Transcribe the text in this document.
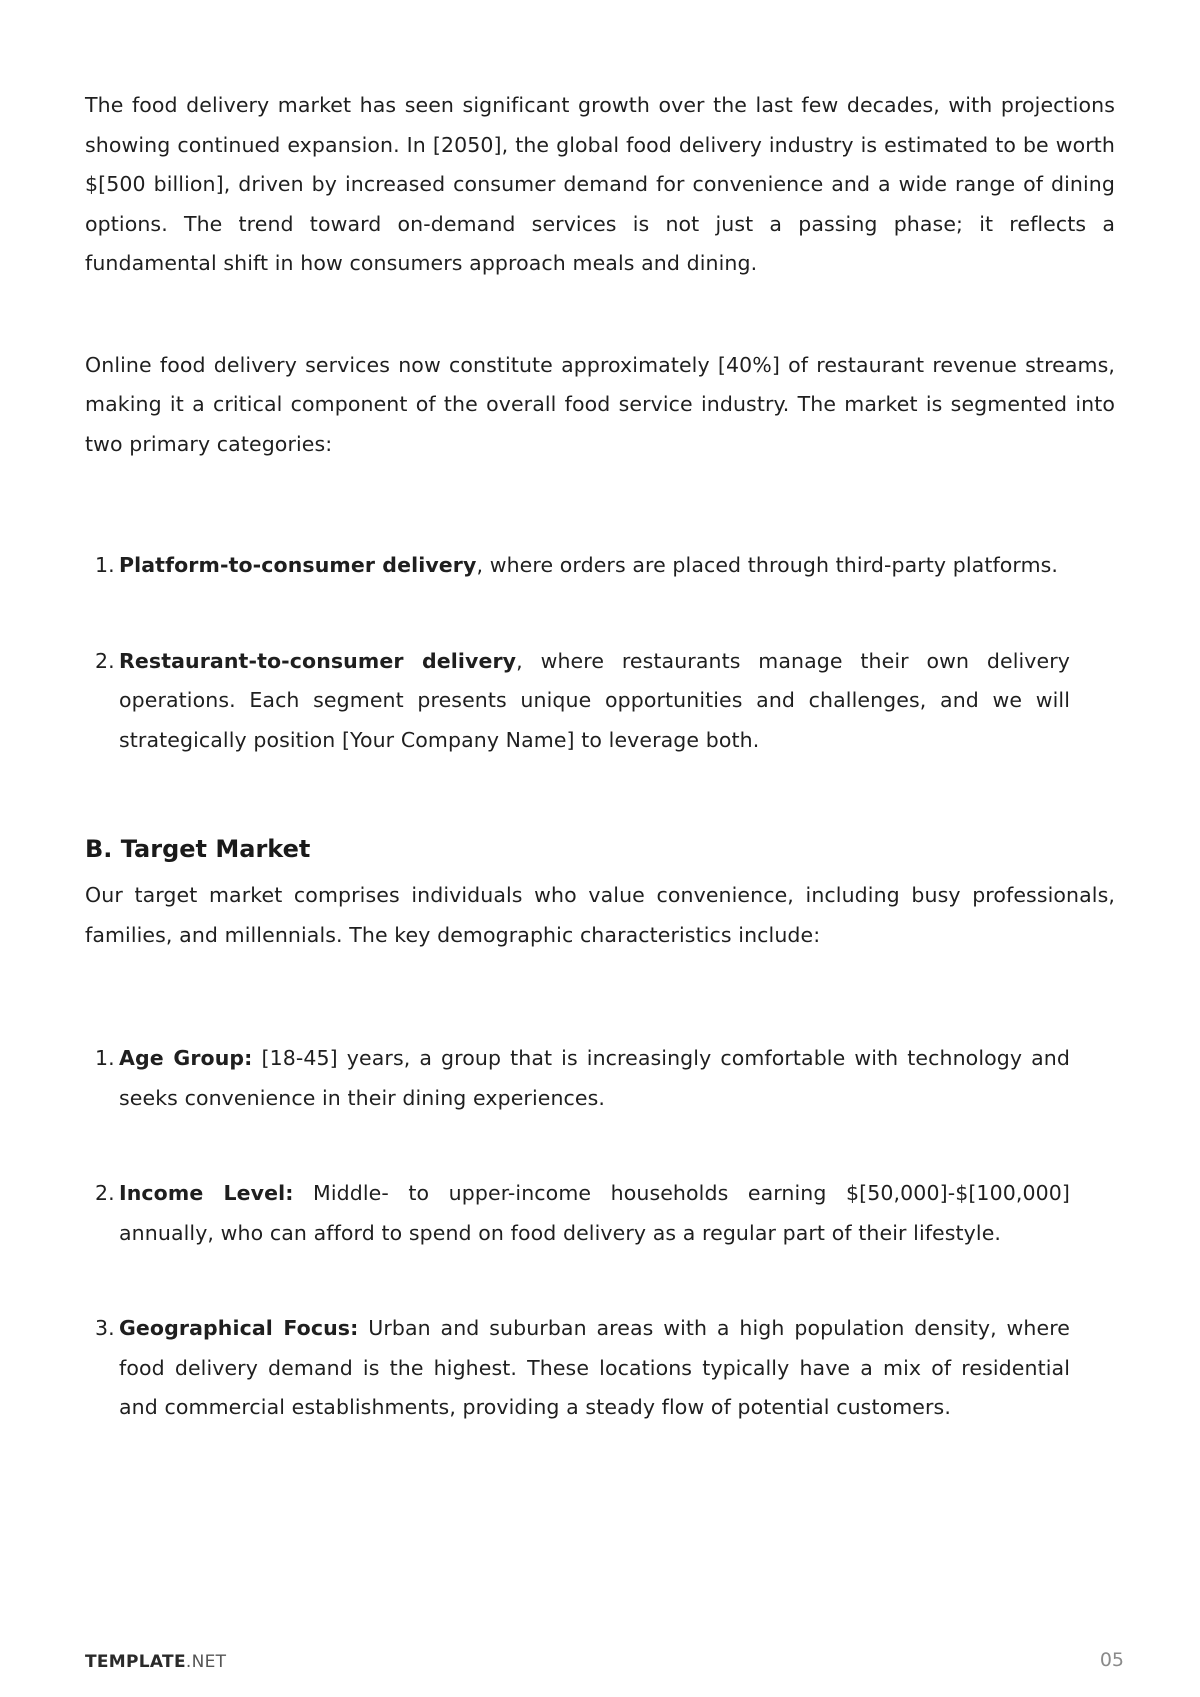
The food delivery market has seen significant growth over the last few decades, with projections showing continued expansion. In [2050], the global food delivery industry is estimated to be worth $[500 billion], driven by increased consumer demand for convenience and a wide range of dining options. The trend toward on-demand services is not just a passing phase; it reflects a fundamental shift in how consumers approach meals and dining.

Online food delivery services now constitute approximately [40%] of restaurant revenue streams, making it a critical component of the overall food service industry. The market is segmented into two primary categories:

1. Platform-to-consumer delivery, where orders are placed through third-party platforms.
2. Restaurant-to-consumer delivery, where restaurants manage their own delivery operations. Each segment presents unique opportunities and challenges, and we will strategically position [Your Company Name] to leverage both.
B. Target Market

Our target market comprises individuals who value convenience, including busy professionals, families, and millennials. The key demographic characteristics include:

1. Age Group: [18-45] years, a group that is increasingly comfortable with technology and seeks convenience in their dining experiences.
2. Income Level: Middle- to upper-income households earning $[50,000]-$[100,000] annually, who can afford to spend on food delivery as a regular part of their lifestyle.
3. Geographical Focus: Urban and suburban areas with a high population density, where food delivery demand is the highest. These locations typically have a mix of residential and commercial establishments, providing a steady flow of potential customers.
TEMPLATE.NET	05
